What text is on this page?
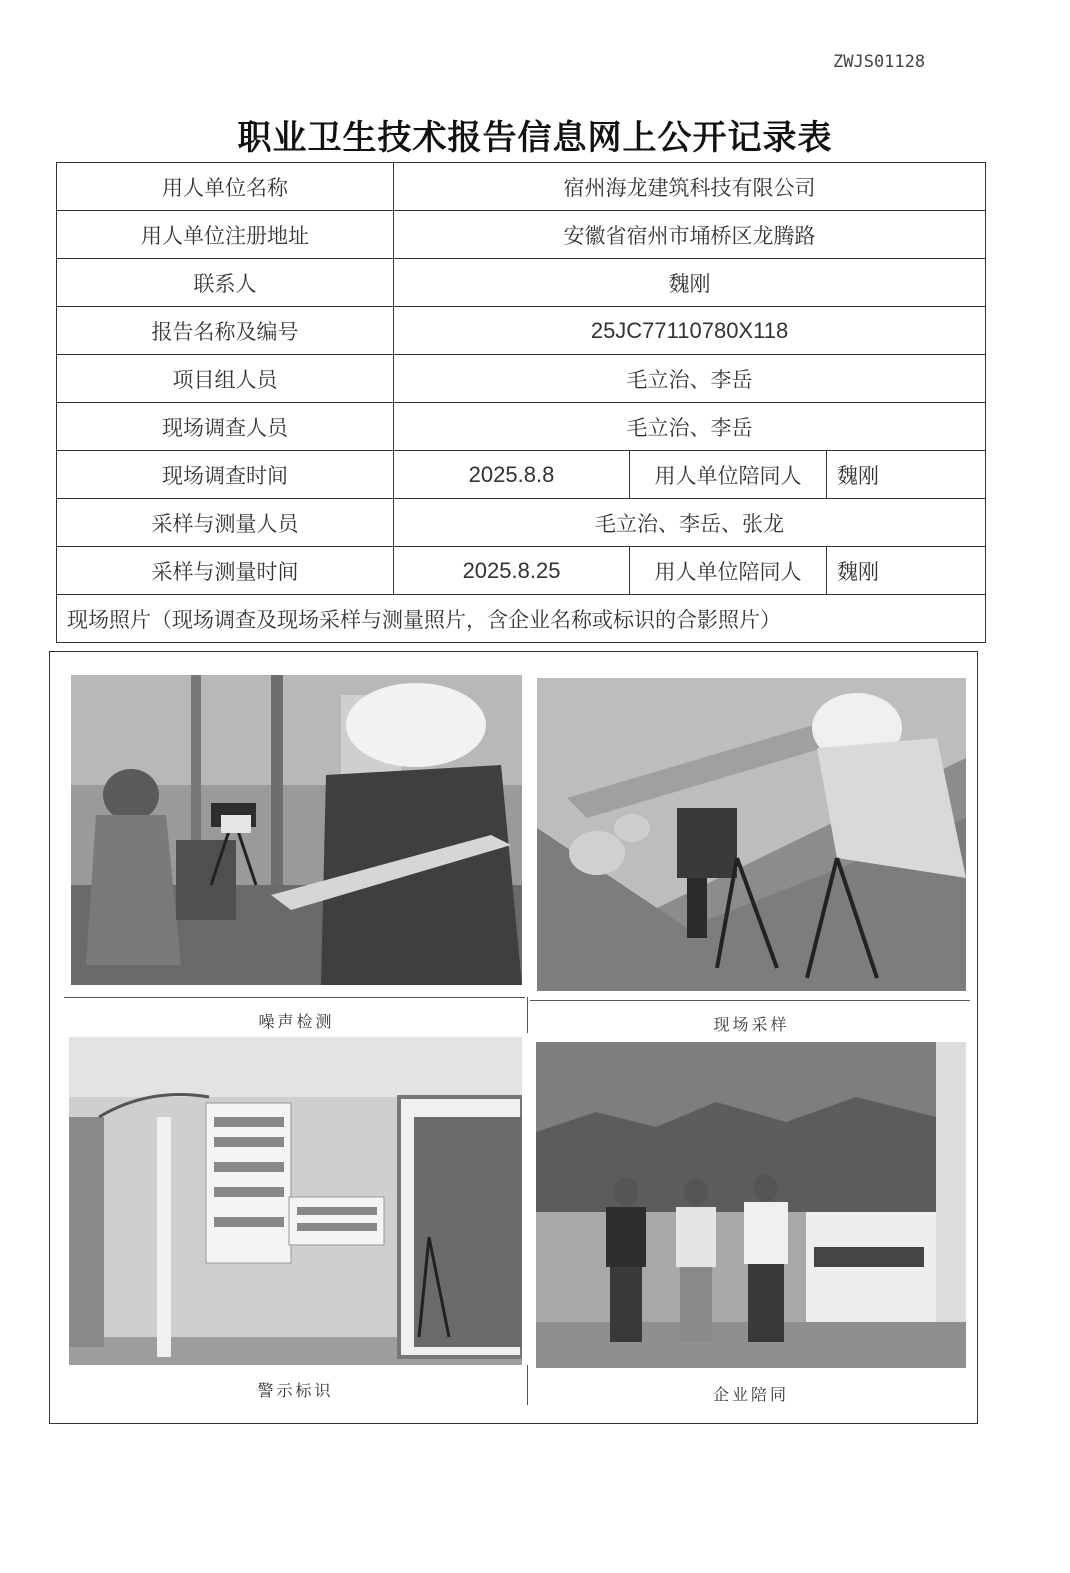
ZWJS01128
职业卫生技术报告信息网上公开记录表
用人单位名称	宿州海龙建筑科技有限公司		
用人单位注册地址	安徽省宿州市埇桥区龙腾路		
联系人	魏刚		
报告名称及编号	25JC77110780X118		
项目组人员	毛立治、李岳		
现场调查人员	毛立治、李岳		
现场调查时间	2025.8.8	用人单位陪同人	魏刚
采样与测量人员	毛立治、李岳、张龙		
采样与测量时间	2025.8.25	用人单位陪同人	魏刚
现场照片（现场调查及现场采样与测量照片，含企业名称或标识的合影照片）			
噪声检测	现场采样
警示标识	企业陪同
